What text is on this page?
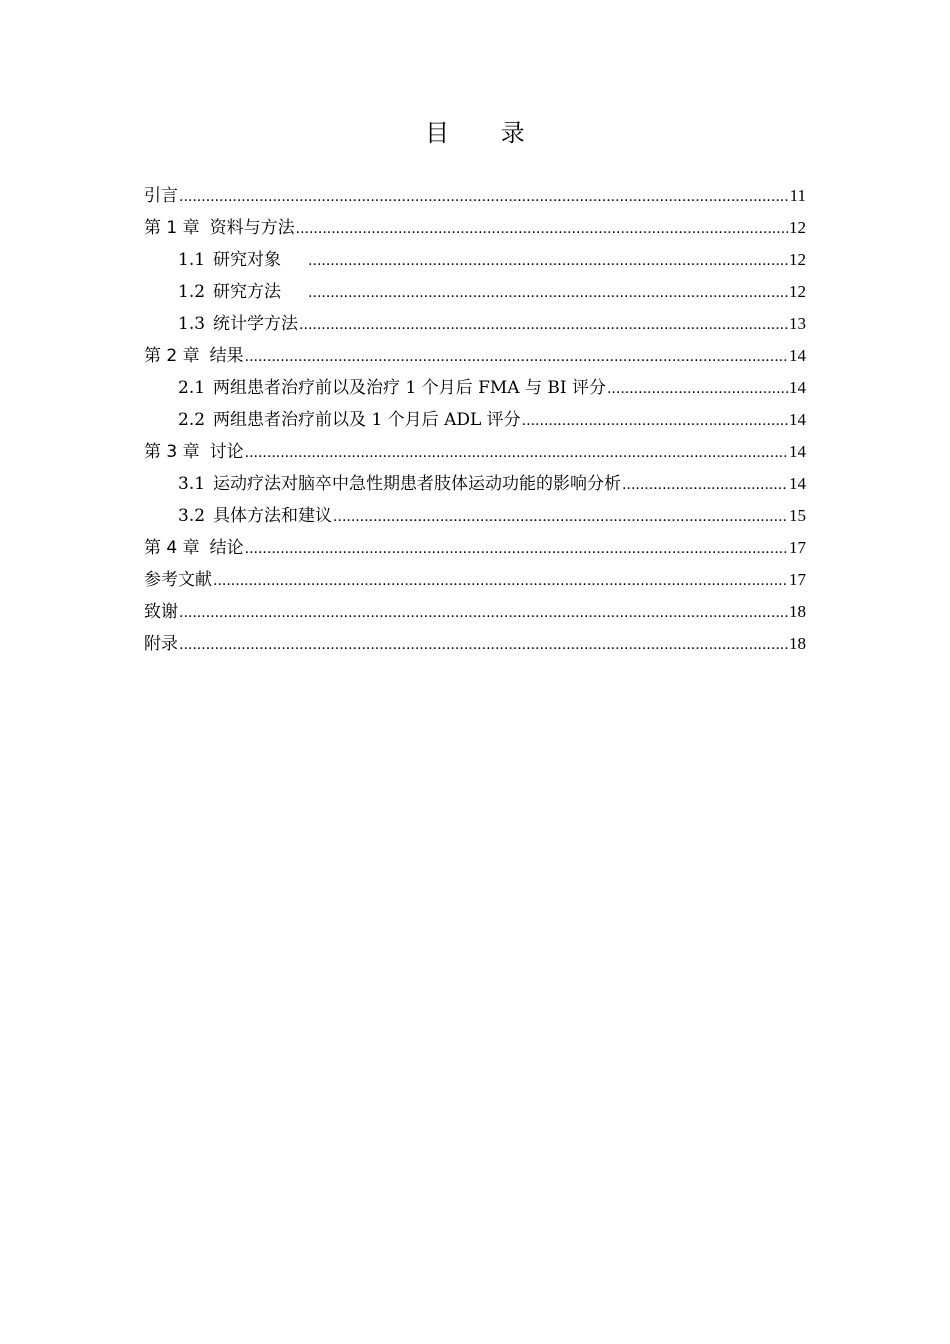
目 录
引言 .....	11
第 1 章 资料与方法 .....	12
1.1 研究对象 .....	12
1.2 研究方法 .....	12
1.3 统计学方法 .....	13
第 2 章 结果 .....	14
2.1 两组患者治疗前以及治疗 1 个月后 FMA 与 BI 评分 .....	14
2.2 两组患者治疗前以及 1 个月后 ADL 评分 .....	14
第 3 章 讨论 .....	14
3.1 运动疗法对脑卒中急性期患者肢体运动功能的影响分析 .....	14
3.2 具体方法和建议 .....	15
第 4 章 结论 .....	17
参考文献 .....	17
致谢 .....	18
附录 .....	18
